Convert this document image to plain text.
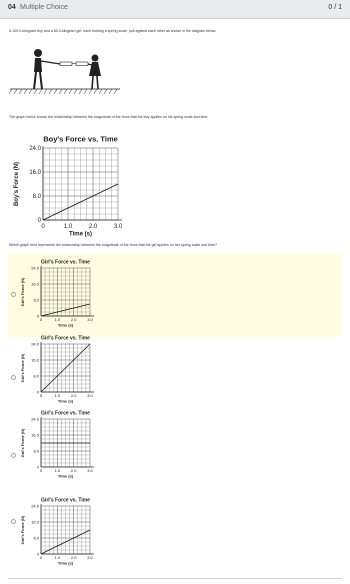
04 Multiple Choice	0 / 1
A 100.0-kilogram boy and a 50.0-kilogram girl, each holding a spring scale, pull against each other as shown in the diagram below.
The graph below shows the relationship between the magnitude of the force that the boy applies on his spring scale and time.
Boy's Force vs. Time
0	1.0	2.0	3.0
0
8.0
16.0
24.0
Time (s)
Boy's Force (N)
Which graph best represents the relationship between the magnitude of the force that the girl applies on her spring scale and time?
Girl's Force vs. Time
0	1.0	2.0	3.0
0
8.0
16.0
24.0
Time (s)
Girl's Force (N)
Girl's Force vs. Time
0	1.0	2.0	3.0
0
8.0
16.0
24.0
Time (s)
Girl's Force (N)
Girl's Force vs. Time
0	1.0	2.0	3.0
0
8.0
16.0
24.0
Time (s)
Girl's Force (N)
Girl's Force vs. Time
0	1.0	2.0	3.0
0
8.0
16.0
24.0
Time (s)
Girl's Force (N)
